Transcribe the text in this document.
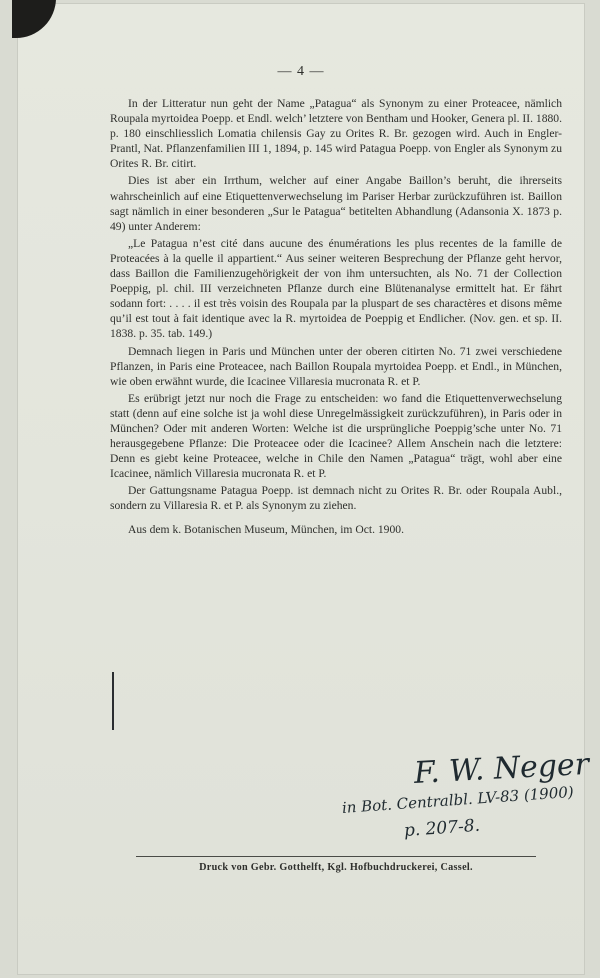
— 4 —

In der Litteratur nun geht der Name „Patagua“ als Synonym zu einer Proteacee, nämlich Roupala myrtoidea Poepp. et Endl. welch’ letztere von Bentham und Hooker, Genera pl. II. 1880. p. 180 einschliesslich Lomatia chilensis Gay zu Orites R. Br. gezogen wird. Auch in Engler-Prantl, Nat. Pflanzenfamilien III 1, 1894, p. 145 wird Patagua Poepp. von Engler als Synonym zu Orites R. Br. citirt.

Dies ist aber ein Irrthum, welcher auf einer Angabe Baillon’s beruht, die ihrerseits wahrscheinlich auf eine Etiquettenverwechselung im Pariser Herbar zurückzuführen ist. Baillon sagt nämlich in einer besonderen „Sur le Patagua“ betitelten Abhandlung (Adansonia X. 1873 p. 49) unter Anderem:

„Le Patagua n’est cité dans aucune des énumérations les plus recentes de la famille de Proteacées à la quelle il appartient.“ Aus seiner weiteren Besprechung der Pflanze geht hervor, dass Baillon die Familienzugehörigkeit der von ihm untersuchten, als No. 71 der Collection Poeppig, pl. chil. III verzeichneten Pflanze durch eine Blütenanalyse ermittelt hat. Er fährt sodann fort: . . . . il est très voisin des Roupala par la pluspart de ses charactères et disons même qu’il est tout à fait identique avec la R. myrtoidea de Poeppig et Endlicher. (Nov. gen. et sp. II. 1838. p. 35. tab. 149.)

Demnach liegen in Paris und München unter der oberen citirten No. 71 zwei verschiedene Pflanzen, in Paris eine Proteacee, nach Baillon Roupala myrtoidea Poepp. et Endl., in München, wie oben erwähnt wurde, die Icacinee Villaresia mucronata R. et P.

Es erübrigt jetzt nur noch die Frage zu entscheiden: wo fand die Etiquettenverwechselung statt (denn auf eine solche ist ja wohl diese Unregelmässigkeit zurückzuführen), in Paris oder in München? Oder mit anderen Worten: Welche ist die ursprüngliche Poeppig’sche unter No. 71 herausgegebene Pflanze: Die Proteacee oder die Icacinee? Allem Anschein nach die letztere: Denn es giebt keine Proteacee, welche in Chile den Namen „Patagua“ trägt, wohl aber eine Icacinee, nämlich Villaresia mucronata R. et P.

Der Gattungsname Patagua Poepp. ist demnach nicht zu Orites R. Br. oder Roupala Aubl., sondern zu Villaresia R. et P. als Synonym zu ziehen.

Aus dem k. Botanischen Museum, München, im Oct. 1900.

F. W. Neger
in Bot. Centralbl. LV-83 (1900)
p. 207-8.
Druck von Gebr. Gotthelft, Kgl. Hofbuchdruckerei, Cassel.
